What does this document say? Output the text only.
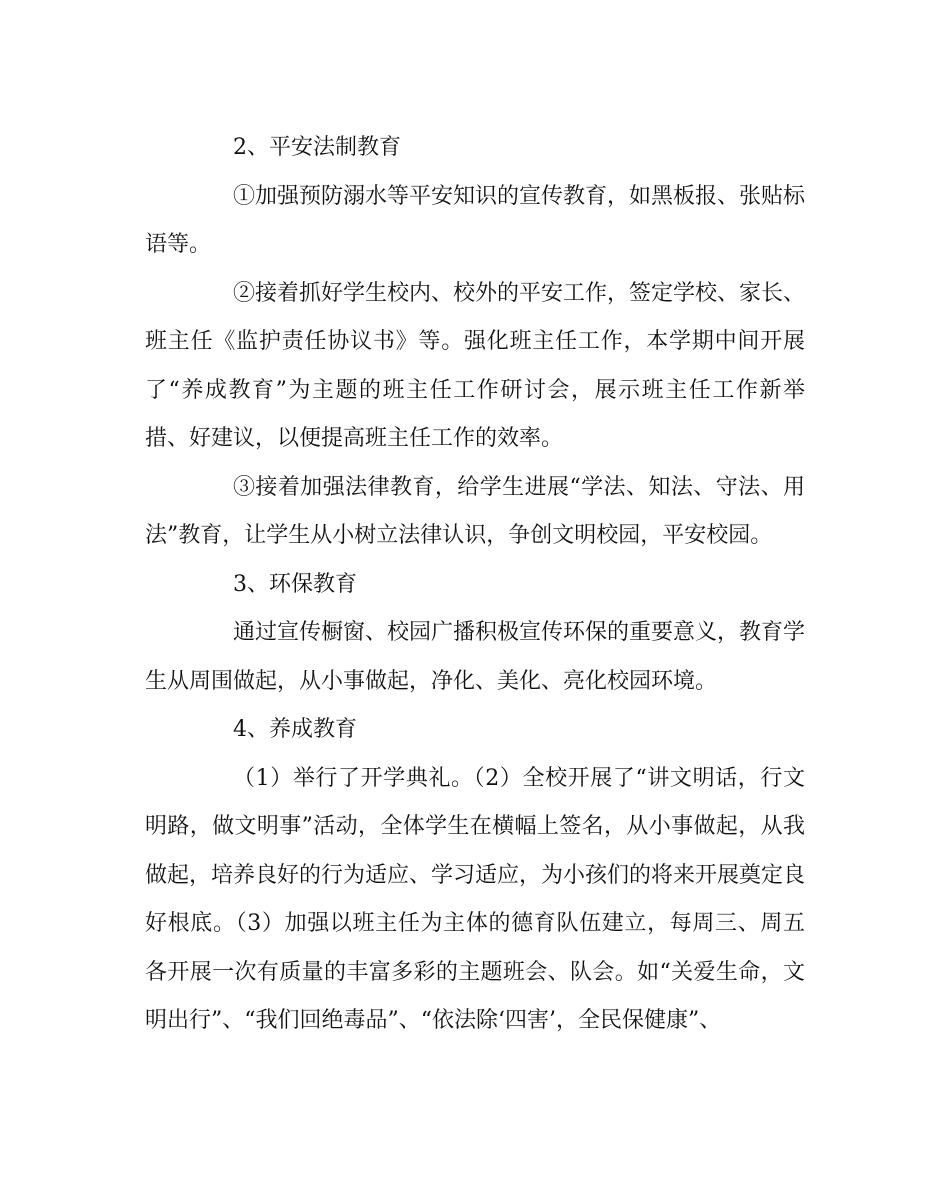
2、平安法制教育

①加强预防溺水等平安知识的宣传教育，如黑板报、张贴标语等。

②接着抓好学生校内、校外的平安工作，签定学校、家长、班主任《监护责任协议书》等。强化班主任工作，本学期中间开展了“养成教育”为主题的班主任工作研讨会，展示班主任工作新举措、好建议，以便提高班主任工作的效率。

③接着加强法律教育，给学生进展“学法、知法、守法、用法”教育，让学生从小树立法律认识，争创文明校园，平安校园。

3、环保教育

通过宣传橱窗、校园广播积极宣传环保的重要意义，教育学生从周围做起，从小事做起，净化、美化、亮化校园环境。

4、养成教育

（1）举行了开学典礼。（2）全校开展了“讲文明话，行文明路，做文明事”活动，全体学生在横幅上签名，从小事做起，从我做起，培养良好的行为适应、学习适应，为小孩们的将来开展奠定良好根底。（3）加强以班主任为主体的德育队伍建立，每周三、周五各开展一次有质量的丰富多彩的主题班会、队会。如“关爱生命，文明出行”、“我们回绝毒品”、“依法除‘四害’，全民保健康”、
